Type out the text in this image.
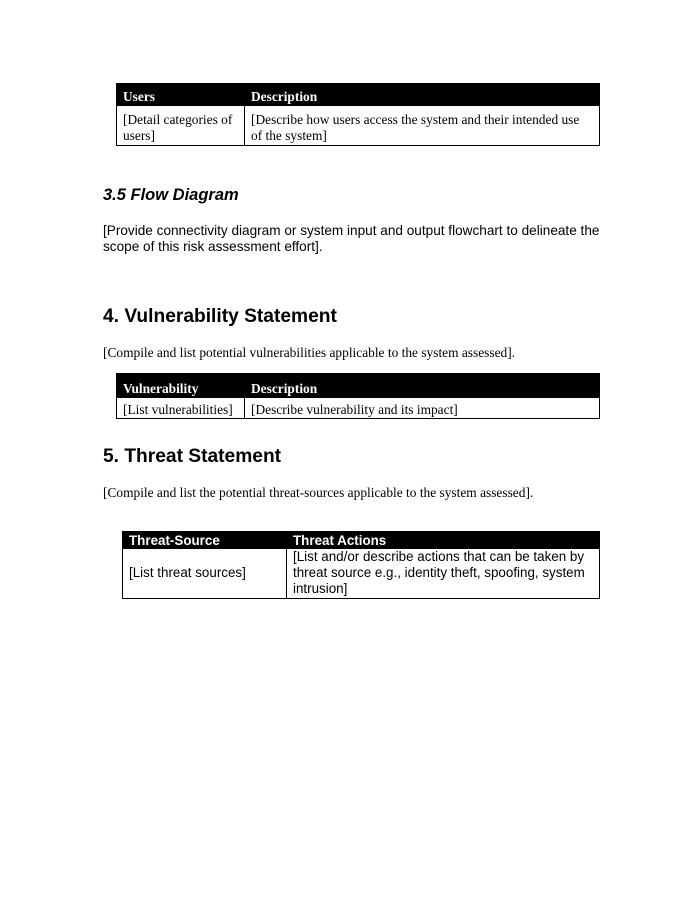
Users	Description
[Detail categories of users]	[Describe how users access the system and their intended use of the system]
3.5 Flow Diagram

[Provide connectivity diagram or system input and output flowchart to delineate the scope of this risk assessment effort].

4. Vulnerability Statement

[Compile and list potential vulnerabilities applicable to the system assessed].

Vulnerability	Description
[List vulnerabilities]	[Describe vulnerability and its impact]
5. Threat Statement

[Compile and list the potential threat-sources applicable to the system assessed].

Threat-Source	Threat Actions
[List threat sources]	[List and/or describe actions that can be taken by threat source e.g., identity theft, spoofing, system intrusion]
